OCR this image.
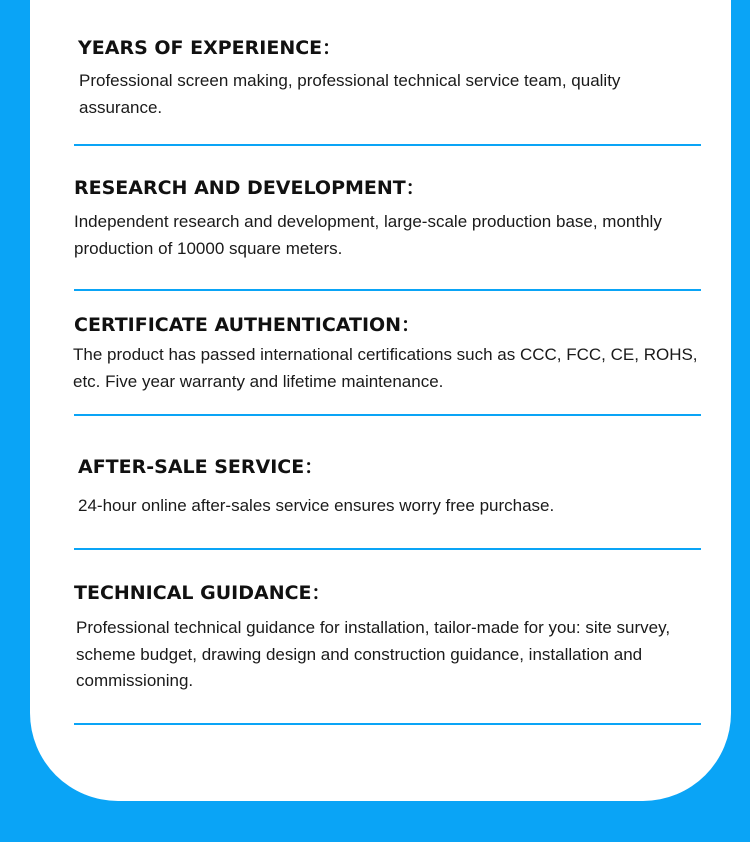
YEARS OF EXPERIENCE：
Professional screen making, professional technical service team, quality assurance.
RESEARCH AND DEVELOPMENT：
Independent research and development, large-scale production base, monthly production of 10000 square meters.
CERTIFICATE AUTHENTICATION：
The product has passed international certifications such as CCC, FCC, CE, ROHS, etc. Five year warranty and lifetime maintenance.
AFTER-SALE SERVICE：
24-hour online after-sales service ensures worry free purchase.
TECHNICAL GUIDANCE：
Professional technical guidance for installation, tailor-made for you: site survey, scheme budget, drawing design and construction guidance, installation and commissioning.
